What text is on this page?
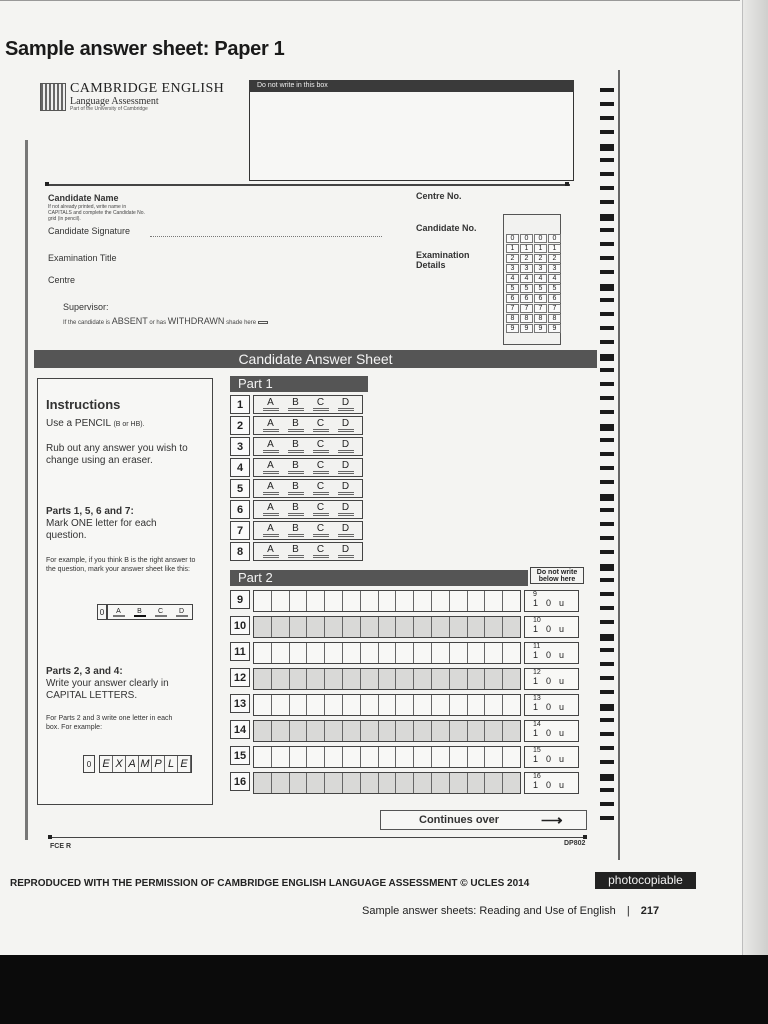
Sample answer sheet: Paper 1
CAMBRIDGE ENGLISH
Language Assessment
Part of the University of Cambridge
Do not write in this box
Candidate Name
If not already printed, write name in CAPITALS and complete the Candidate No. grid (in pencil).
Candidate Signature
Examination Title
Centre
Supervisor:
If the candidate is ABSENT or has WITHDRAWN shade here
Centre No.
Candidate No.
Examination Details
0	0	0	0
1	1	1	1
2	2	2	2
3	3	3	3
4	4	4	4
5	5	5	5
6	6	6	6
7	7	7	7
8	8	8	8
9	9	9	9
Candidate Answer Sheet
Instructions
Use a PENCIL (B or HB).
Rub out any answer you wish to change using an eraser.
Parts 1, 5, 6 and 7:
Mark ONE letter for each question.
For example, if you think B is the right answer to the question, mark your answer sheet like this:
0	A	B	C	D
Parts 2, 3 and 4:
Write your answer clearly in CAPITAL LETTERS.
For Parts 2 and 3 write one letter in each box. For example:
0	E X A M P L E
Part 1
1	A	B	C	D
2	A	B	C	D
3	A	B	C	D
4	A	B	C	D
5	A	B	C	D
6	A	B	C	D
7	A	B	C	D
8	A	B	C	D
Part 2	Do not write below here
9	9
1 0 u
10	10
1 0 u
11	11
1 0 u
12	12
1 0 u
13	13
1 0 u
14	14
1 0 u
15	15
1 0 u
16	16
1 0 u
Continues over	⟶
FCE R	DP802
REPRODUCED WITH THE PERMISSION OF CAMBRIDGE ENGLISH LANGUAGE ASSESSMENT © UCLES 2014	photocopiable
Sample answer sheets: Reading and Use of English | 217
